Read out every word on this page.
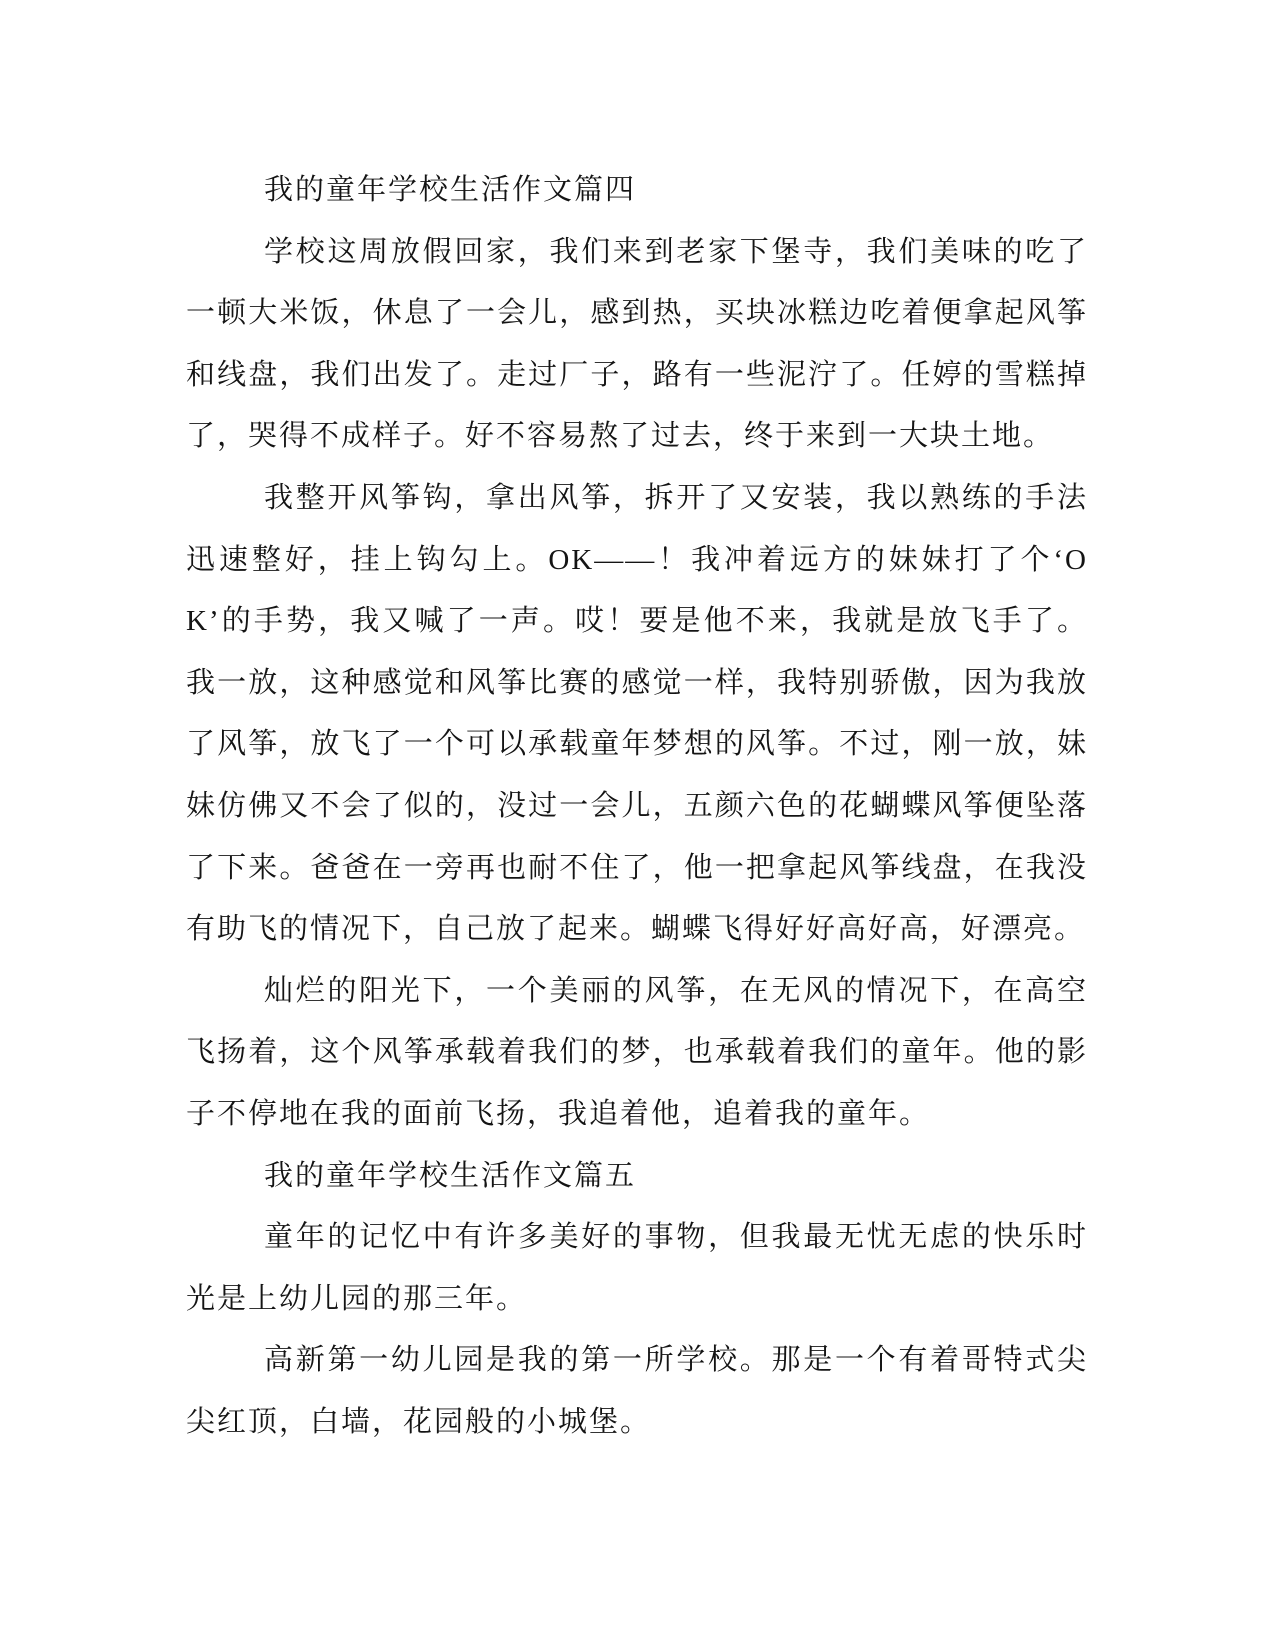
我的童年学校生活作文篇四

学校这周放假回家，我们来到老家下堡寺，我们美味的吃了一顿大米饭，休息了一会儿，感到热，买块冰糕边吃着便拿起风筝和线盘，我们出发了。走过厂子，路有一些泥泞了。任婷的雪糕掉了，哭得不成样子。好不容易熬了过去，终于来到一大块土地。

我整开风筝钩，拿出风筝，拆开了又安装，我以熟练的手法迅速整好，挂上钩勾上。OK——！我冲着远方的妹妹打了个‘OK’的手势，我又喊了一声。哎！要是他不来，我就是放飞手了。我一放，这种感觉和风筝比赛的感觉一样，我特别骄傲，因为我放了风筝，放飞了一个可以承载童年梦想的风筝。不过，刚一放，妹妹仿佛又不会了似的，没过一会儿，五颜六色的花蝴蝶风筝便坠落了下来。爸爸在一旁再也耐不住了，他一把拿起风筝线盘，在我没有助飞的情况下，自己放了起来。蝴蝶飞得好好高好高，好漂亮。

灿烂的阳光下，一个美丽的风筝，在无风的情况下，在高空飞扬着，这个风筝承载着我们的梦，也承载着我们的童年。他的影子不停地在我的面前飞扬，我追着他，追着我的童年。

我的童年学校生活作文篇五

童年的记忆中有许多美好的事物，但我最无忧无虑的快乐时光是上幼儿园的那三年。

高新第一幼儿园是我的第一所学校。那是一个有着哥特式尖尖红顶，白墙，花园般的小城堡。
